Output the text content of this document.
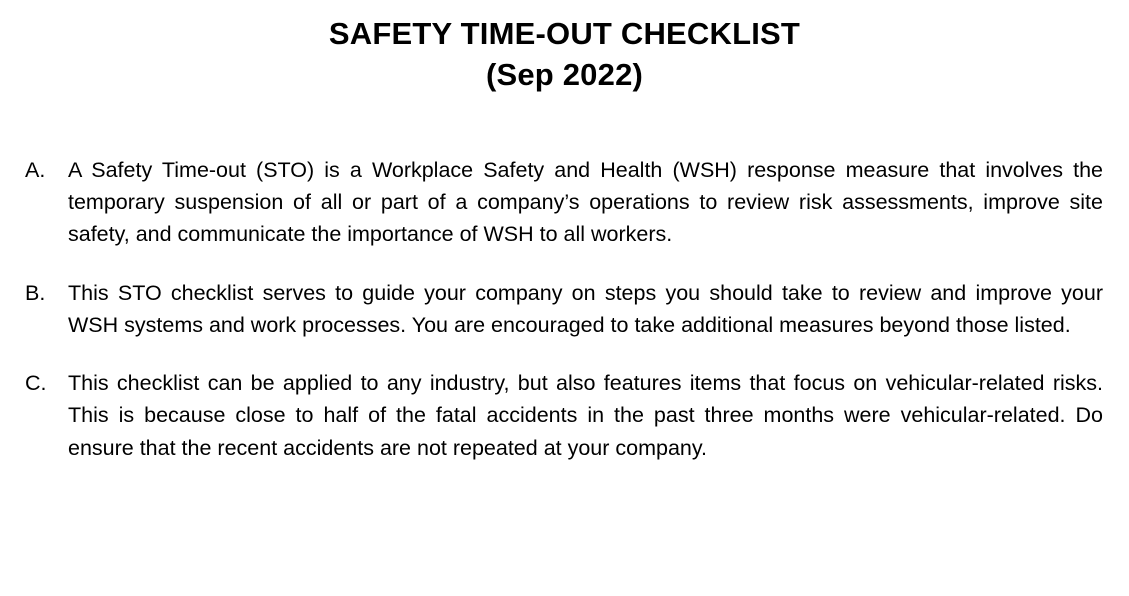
SAFETY TIME-OUT CHECKLIST
(Sep 2022)
A.	A Safety Time-out (STO) is a Workplace Safety and Health (WSH) response measure that involves the temporary suspension of all or part of a company’s operations to review risk assessments, improve site safety, and communicate the importance of WSH to all workers.
B.	This STO checklist serves to guide your company on steps you should take to review and improve your WSH systems and work processes. You are encouraged to take additional measures beyond those listed.
C.	This checklist can be applied to any industry, but also features items that focus on vehicular-related risks. This is because close to half of the fatal accidents in the past three months were vehicular-related. Do ensure that the recent accidents are not repeated at your company.
